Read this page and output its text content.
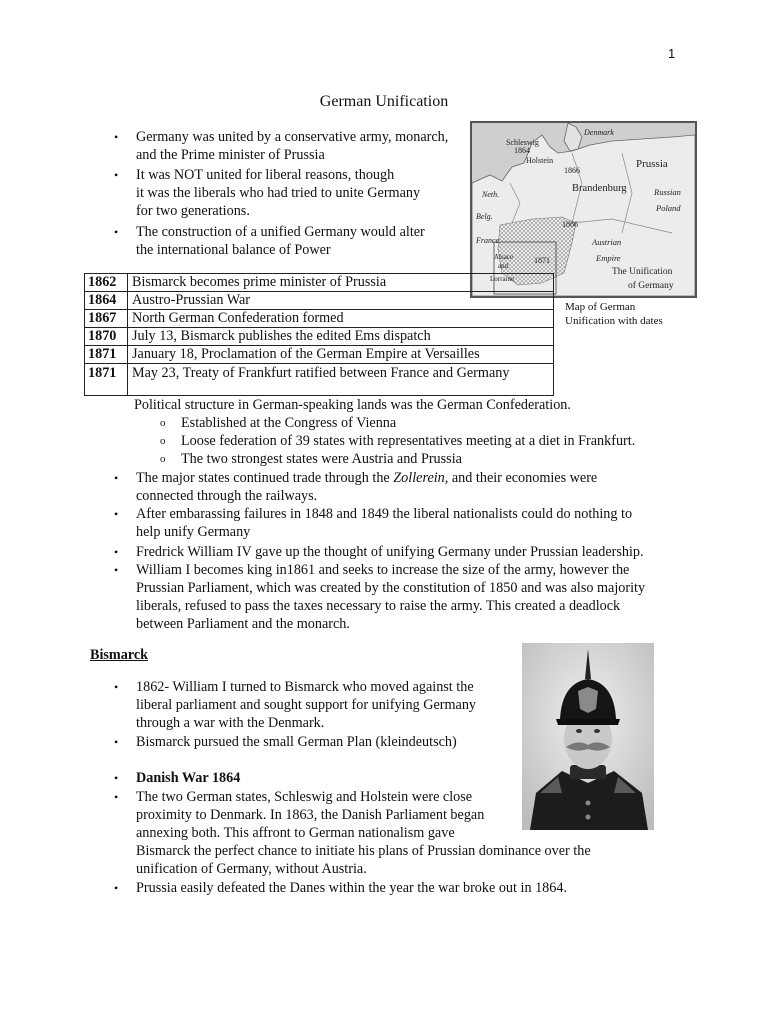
1
German Unification
• Germany was united by a conservative army, monarch,
and the Prime minister of Prussia
• It was NOT united for liberal reasons, though
it was the liberals who had tried to unite Germany
for two generations.
• The construction of a unified Germany would alter
the international balance of Power
Schleswig
1864
Holstein
Denmark
1866
Prussia
Brandenburg	Russian
Poland
Neth.
Belg.
1866
France
Alsace
and
Lorraine
1871
Austrian
Empire
The Unification
of Germany
Map of German
Unification with dates
1862	Bismarck becomes prime minister of Prussia
1864	Austro-Prussian War
1867	North German Confederation formed
1870	July 13, Bismarck publishes the edited Ems dispatch
1871	January 18, Proclamation of the German Empire at Versailles
1871	May 23, Treaty of Frankfurt ratified between France and Germany
Political structure in German-speaking lands was the German Confederation.
o Established at the Congress of Vienna
o Loose federation of 39 states with representatives meeting at a diet in Frankfurt.
o The two strongest states were Austria and Prussia
• The major states continued trade through the Zollerein, and their economies were
connected through the railways.
• After embarassing failures in 1848 and 1849 the liberal nationalists could do nothing to
help unify Germany
• Fredrick William IV gave up the thought of unifying Germany under Prussian leadership.
• William I becomes king in1861 and seeks to increase the size of the army, however the
Prussian Parliament, which was created by the constitution of 1850 and was also majority
liberals, refused to pass the taxes necessary to raise the army. This created a deadlock
between Parliament and the monarch.
Bismarck
• 1862- William I turned to Bismarck who moved against the
liberal parliament and sought support for unifying Germany
through a war with the Denmark.
• Bismarck pursued the small German Plan (kleindeutsch)
• Danish War 1864
• The two German states, Schleswig and Holstein were close
proximity to Denmark. In 1863, the Danish Parliament began
annexing both. This affront to German nationalism gave
Bismarck the perfect chance to initiate his plans of Prussian dominance over the
unification of Germany, without Austria.
• Prussia easily defeated the Danes within the year the war broke out in 1864.
